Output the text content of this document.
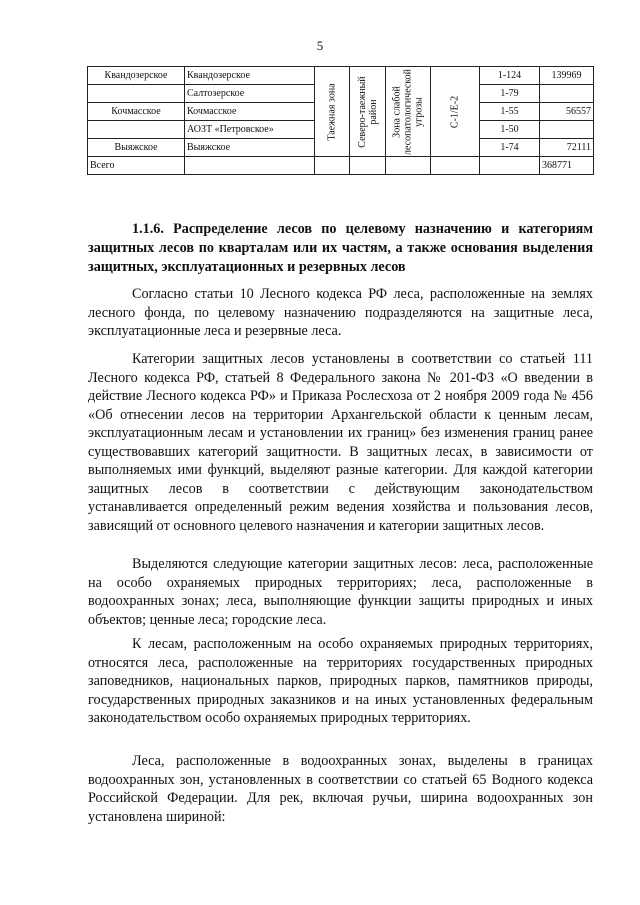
5
Квандозерское	Квандозерское	Таежная зона	Северо-таежный район	Зона слабой лесопатологической угрозы	С-1/Е-2	1-124	139969
	Салтозерское					1-79	
Кочмасское	Кочмасское					1-55	56557
	АОЗТ «Петровское»					1-50	
Выяжское	Выяжское					1-74	72111
Всего							368771
1.1.6. Распределение лесов по целевому назначению и категориям защитных лесов по кварталам или их частям, а также основания выделения защитных, эксплуатационных и резервных лесов

Согласно статьи 10 Лесного кодекса РФ леса, расположенные на землях лесного фонда, по целевому назначению подразделяются на защитные леса, эксплуатационные леса и резервные леса.

Категории защитных лесов установлены в соответствии со статьей 111 Лесного кодекса РФ, статьей 8 Федерального закона № 201-ФЗ «О введении в действие Лесного кодекса РФ» и Приказа Рослесхоза от 2 ноября 2009 года № 456 «Об отнесении лесов на территории Архангельской области к ценным лесам, эксплуатационным лесам и установлении их границ» без изменения границ ранее существовавших категорий защитности. В защитных лесах, в зависимости от выполняемых ими функций, выделяют разные категории. Для каждой категории защитных лесов в соответствии с действующим законодательством устанавливается определенный режим ведения хозяйства и пользования лесов, зависящий от основного целевого назначения и категории защитных лесов.

Выделяются следующие категории защитных лесов: леса, расположенные на особо охраняемых природных территориях; леса, расположенные в водоохранных зонах; леса, выполняющие функции защиты природных и иных объектов; ценные леса; городские леса.

К лесам, расположенным на особо охраняемых природных территориях, относятся леса, расположенные на территориях государственных природных заповедников, национальных парков, природных парков, памятников природы, государственных природных заказников и на иных установленных федеральным законодательством особо охраняемых природных территориях.

Леса, расположенные в водоохранных зонах, выделены в границах водоохранных зон, установленных в соответствии со статьей 65 Водного кодекса Российской Федерации. Для рек, включая ручьи, ширина водоохранных зон установлена шириной:
